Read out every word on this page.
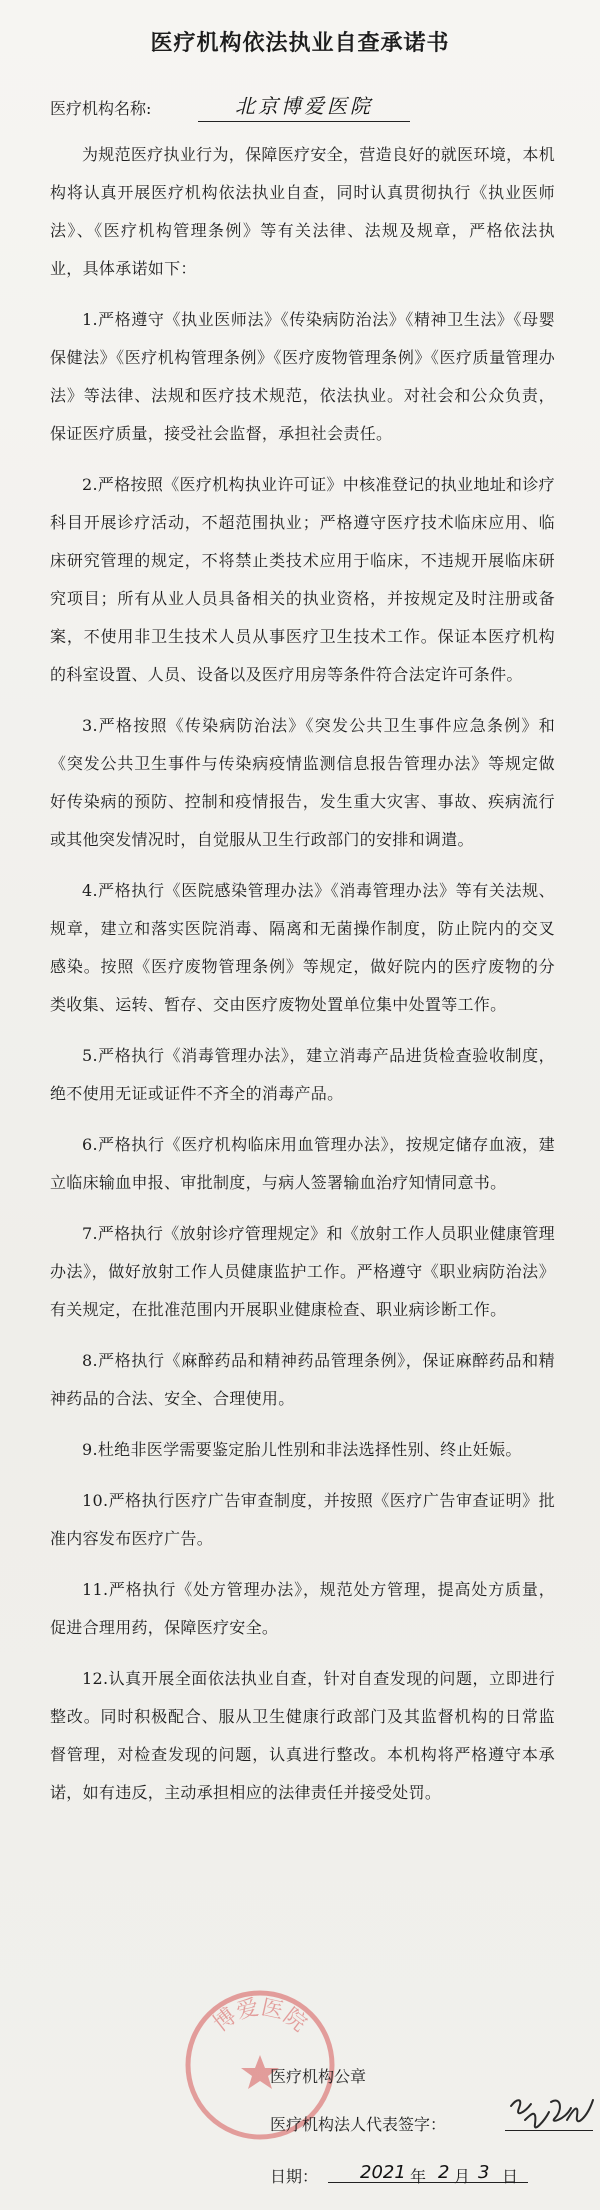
医疗机构依法执业自查承诺书
医疗机构名称:	北京博爱医院

为规范医疗执业行为，保障医疗安全，营造良好的就医环境，本机构将认真开展医疗机构依法执业自查，同时认真贯彻执行《执业医师法》、《医疗机构管理条例》等有关法律、法规及规章，严格依法执业，具体承诺如下：

1.严格遵守《执业医师法》《传染病防治法》《精神卫生法》《母婴保健法》《医疗机构管理条例》《医疗废物管理条例》《医疗质量管理办法》等法律、法规和医疗技术规范，依法执业。对社会和公众负责，保证医疗质量，接受社会监督，承担社会责任。

2.严格按照《医疗机构执业许可证》中核准登记的执业地址和诊疗科目开展诊疗活动，不超范围执业；严格遵守医疗技术临床应用、临床研究管理的规定，不将禁止类技术应用于临床，不违规开展临床研究项目；所有从业人员具备相关的执业资格，并按规定及时注册或备案，不使用非卫生技术人员从事医疗卫生技术工作。保证本医疗机构的科室设置、人员、设备以及医疗用房等条件符合法定许可条件。

3.严格按照《传染病防治法》《突发公共卫生事件应急条例》和《突发公共卫生事件与传染病疫情监测信息报告管理办法》等规定做好传染病的预防、控制和疫情报告，发生重大灾害、事故、疾病流行或其他突发情况时，自觉服从卫生行政部门的安排和调遣。

4.严格执行《医院感染管理办法》《消毒管理办法》等有关法规、规章，建立和落实医院消毒、隔离和无菌操作制度，防止院内的交叉感染。按照《医疗废物管理条例》等规定，做好院内的医疗废物的分类收集、运转、暂存、交由医疗废物处置单位集中处置等工作。

5.严格执行《消毒管理办法》，建立消毒产品进货检查验收制度，绝不使用无证或证件不齐全的消毒产品。

6.严格执行《医疗机构临床用血管理办法》，按规定储存血液，建立临床输血申报、审批制度，与病人签署输血治疗知情同意书。

7.严格执行《放射诊疗管理规定》和《放射工作人员职业健康管理办法》，做好放射工作人员健康监护工作。严格遵守《职业病防治法》有关规定，在批准范围内开展职业健康检查、职业病诊断工作。

8.严格执行《麻醉药品和精神药品管理条例》，保证麻醉药品和精神药品的合法、安全、合理使用。

9.杜绝非医学需要鉴定胎儿性别和非法选择性别、终止妊娠。

10.严格执行医疗广告审查制度，并按照《医疗广告审查证明》批准内容发布医疗广告。

11.严格执行《处方管理办法》，规范处方管理，提高处方质量，促进合理用药，保障医疗安全。

12.认真开展全面依法执业自查，针对自查发现的问题，立即进行整改。同时积极配合、服从卫生健康行政部门及其监督机构的日常监督管理，对检查发现的问题，认真进行整改。本机构将严格遵守本承诺，如有违反，主动承担相应的法律责任并接受处罚。

博爱医院
医疗机构公章
医疗机构法人代表签字：
日期： 2021 年 2 月 3 日
